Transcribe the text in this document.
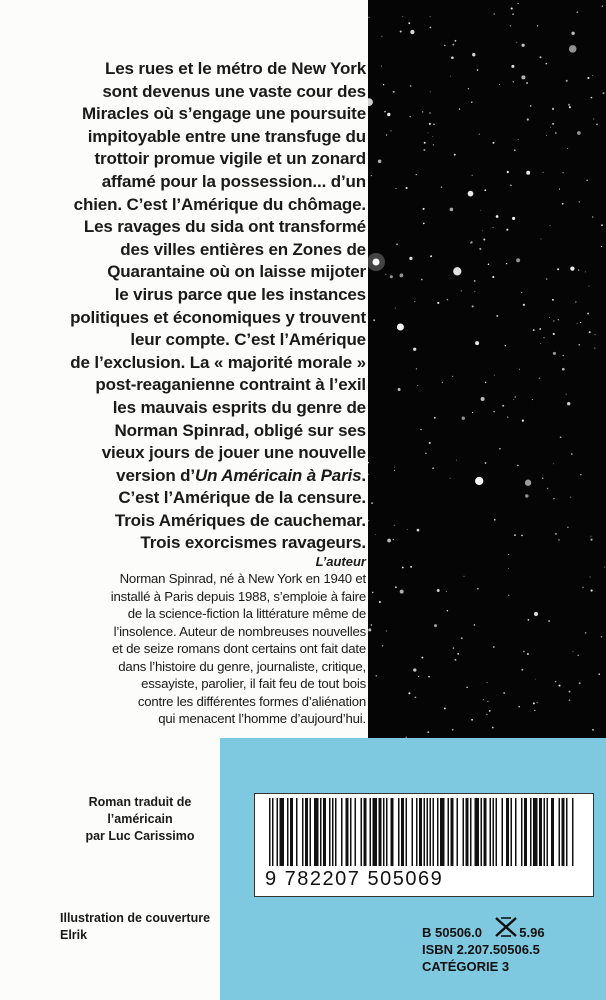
Les rues et le métro de New York
sont devenus une vaste cour des
Miracles où s’engage une poursuite
impitoyable entre une transfuge du
trottoir promue vigile et un zonard
affamé pour la possession... d’un
chien. C’est l’Amérique du chômage.
Les ravages du sida ont transformé
des villes entières en Zones de
Quarantaine où on laisse mijoter
le virus parce que les instances
politiques et économiques y trouvent
leur compte. C’est l’Amérique
de l’exclusion. La « majorité morale »
post-reaganienne contraint à l’exil
les mauvais esprits du genre de
Norman Spinrad, obligé sur ses
vieux jours de jouer une nouvelle
version d’Un Américain à Paris.
C’est l’Amérique de la censure.
Trois Amériques de cauchemar.
Trois exorcismes ravageurs.
L’auteur
Norman Spinrad, né à New York en 1940 et
installé à Paris depuis 1988, s’emploie à faire
de la science-fiction la littérature même de
l’insolence. Auteur de nombreuses nouvelles
et de seize romans dont certains ont fait date
dans l’histoire du genre, journaliste, critique,
essayiste, parolier, il fait feu de tout bois
contre les différentes formes d’aliénation
qui menacent l’homme d’aujourd’hui.
Roman traduit de l’américain
par Luc Carissimo
Illustration de couverture
Elrik
9 782207 505069
B 50506.0	5.96
ISBN 2.207.50506.5
CATÉGORIE 3
